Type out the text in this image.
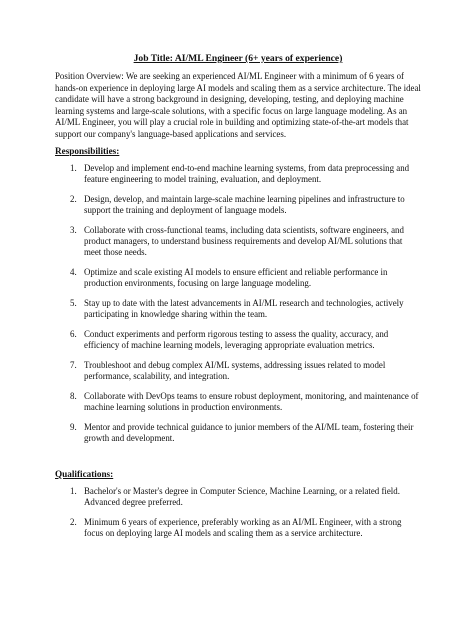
Job Title: AI/ML Engineer (6+ years of experience)

Position Overview: We are seeking an experienced AI/ML Engineer with a minimum of 6 years of hands-on experience in deploying large AI models and scaling them as a service architecture. The ideal candidate will have a strong background in designing, developing, testing, and deploying machine learning systems and large-scale solutions, with a specific focus on large language modeling. As an AI/ML Engineer, you will play a crucial role in building and optimizing state-of-the-art models that support our company's language-based applications and services.

Responsibilities:
1. Develop and implement end-to-end machine learning systems, from data preprocessing and feature engineering to model training, evaluation, and deployment.
2. Design, develop, and maintain large-scale machine learning pipelines and infrastructure to support the training and deployment of language models.
3. Collaborate with cross-functional teams, including data scientists, software engineers, and product managers, to understand business requirements and develop AI/ML solutions that meet those needs.
4. Optimize and scale existing AI models to ensure efficient and reliable performance in production environments, focusing on large language modeling.
5. Stay up to date with the latest advancements in AI/ML research and technologies, actively participating in knowledge sharing within the team.
6. Conduct experiments and perform rigorous testing to assess the quality, accuracy, and efficiency of machine learning models, leveraging appropriate evaluation metrics.
7. Troubleshoot and debug complex AI/ML systems, addressing issues related to model performance, scalability, and integration.
8. Collaborate with DevOps teams to ensure robust deployment, monitoring, and maintenance of machine learning solutions in production environments.
9. Mentor and provide technical guidance to junior members of the AI/ML team, fostering their growth and development.
Qualifications:
1. Bachelor's or Master's degree in Computer Science, Machine Learning, or a related field. Advanced degree preferred.
2. Minimum 6 years of experience, preferably working as an AI/ML Engineer, with a strong focus on deploying large AI models and scaling them as a service architecture.
